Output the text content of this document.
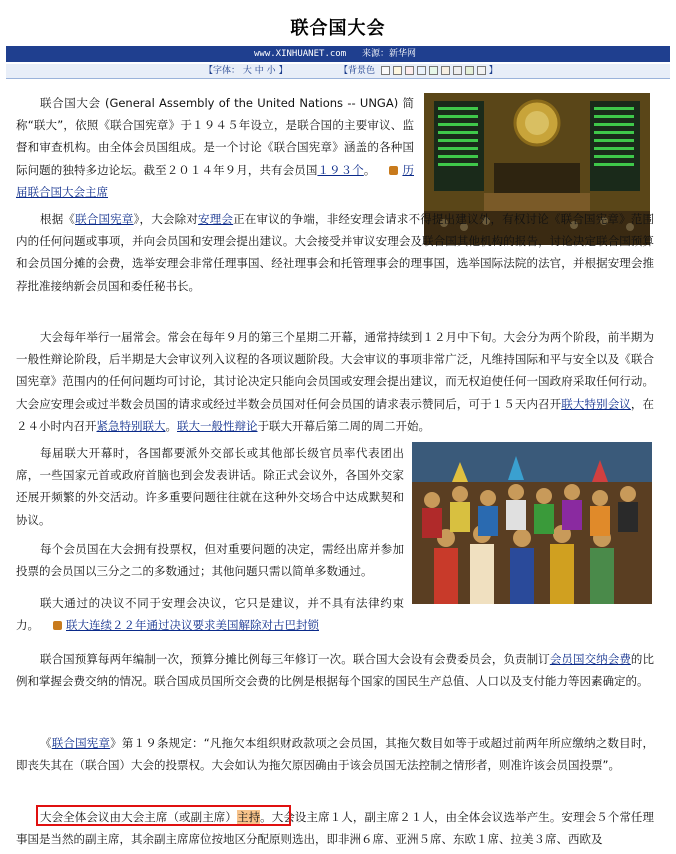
联合国大会
www.XINHUANET.com 来源：新华网
【字体： 大 中 小 】	【背景色	】

联合国大会 (General Assembly of the United Nations -- UNGA) 简称“联大”，依照《联合国宪章》于１９４５年设立，是联合国的主要审议、监督和审查机构。由全体会员国组成。是一个讨论《联合国宪章》涵盖的各种国际问题的独特多边论坛。截至２０１４年９月，共有会员国１９３个。 历届联合国大会主席

根据《联合国宪章》，大会除对安理会正在审议的争端，非经安理会请求不得提出建议外，有权讨论《联合国宪章》范围内的任何问题或事项，并向会员国和安理会提出建议。大会接受并审议安理会及联合国其他机构的报告，讨论决定联合国预算和会员国分摊的会费，选举安理会非常任理事国、经社理事会和托管理事会的理事国，选举国际法院的法官，并根据安理会推荐批准接纳新会员国和委任秘书长。

大会每年举行一届常会。常会在每年９月的第三个星期二开幕，通常持续到１２月中下旬。大会分为两个阶段，前半期为一般性辩论阶段，后半期是大会审议列入议程的各项议题阶段。大会审议的事项非常广泛，凡维持国际和平与安全以及《联合国宪章》范围内的任何问题均可讨论，其讨论决定只能向会员国或安理会提出建议，而无权迫使任何一国政府采取任何行动。大会应安理会或过半数会员国的请求或经过半数会员国对任何会员国的请求表示赞同后，可于１５天内召开联大特别会议，在２４小时内召开紧急特别联大。联大一般性辩论于联大开幕后第二周的周二开始。

每届联大开幕时，各国都要派外交部长或其他部长级官员率代表团出席，一些国家元首或政府首脑也到会发表讲话。除正式会议外，各国外交家还展开频繁的外交活动。许多重要问题往往就在这种外交场合中达成默契和协议。

每个会员国在大会拥有投票权，但对重要问题的决定，需经出席并参加投票的会员国以三分之二的多数通过；其他问题只需以简单多数通过。

联大通过的决议不同于安理会决议，它只是建议，并不具有法律约束力。 联大连续２２年通过决议要求美国解除对古巴封锁

联合国预算每两年编制一次，预算分摊比例每三年修订一次。联合国大会设有会费委员会，负责制订会员国交纳会费的比例和掌握会费交纳的情况。联合国成员国所交会费的比例是根据每个国家的国民生产总值、人口以及支付能力等因素确定的。

《联合国宪章》第１９条规定：“凡拖欠本组织财政款项之会员国，其拖欠数目如等于或超过前两年所应缴纳之数目时，即丧失其在（联合国）大会的投票权。大会如认为拖欠原因确由于该会员国无法控制之情形者，则准许该会员国投票”。

大会全体会议由大会主席（或副主席）主持。大会设主席１人，副主席２１人，由全体会议选举产生。安理会５个常任理事国是当然的副主席，其余副主席席位按地区分配原则选出，即非洲６席、亚洲５席、东欧１席、拉美３席、西欧及
